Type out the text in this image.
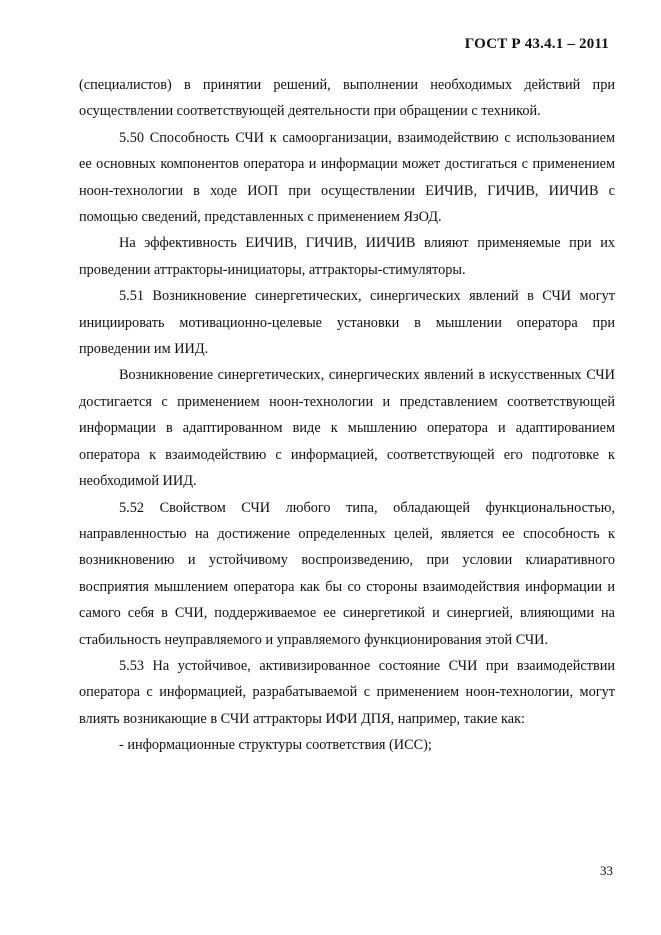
ГОСТ Р 43.4.1 – 2011

(специалистов) в принятии решений, выполнении необходимых действий при осуществлении соответствующей деятельности при обращении с техникой.

5.50 Способность СЧИ к самоорганизации, взаимодействию с использованием ее основных компонентов оператора и информации может достигаться с применением ноон-технологии в ходе ИОП при осуществлении ЕИЧИВ, ГИЧИВ, ИИЧИВ с помощью сведений, представленных с применением ЯзОД.

На эффективность ЕИЧИВ, ГИЧИВ, ИИЧИВ влияют применяемые при их проведении аттракторы-инициаторы, аттракторы-стимуляторы.

5.51 Возникновение синергетических, синергических явлений в СЧИ могут инициировать мотивационно-целевые установки в мышлении оператора при проведении им ИИД.

Возникновение синергетических, синергических явлений в искусственных СЧИ достигается с применением ноон-технологии и представлением соответствующей информации в адаптированном виде к мышлению оператора и адаптированием оператора к взаимодействию с информацией, соответствующей его подготовке к необходимой ИИД.

5.52 Свойством СЧИ любого типа, обладающей функциональностью, направленностью на достижение определенных целей, является ее способность к возникновению и устойчивому воспроизведению, при условии клиаративного восприятия мышлением оператора как бы со стороны взаимодействия информации и самого себя в СЧИ, поддерживаемое ее синергетикой и синергией, влияющими на стабильность неуправляемого и управляемого функционирования этой СЧИ.

5.53 На устойчивое, активизированное состояние СЧИ при взаимодействии оператора с информацией, разрабатываемой с применением ноон-технологии, могут влиять возникающие в СЧИ аттракторы ИФИ ДПЯ, например, такие как:

- информационные структуры соответствия (ИСС);

33
